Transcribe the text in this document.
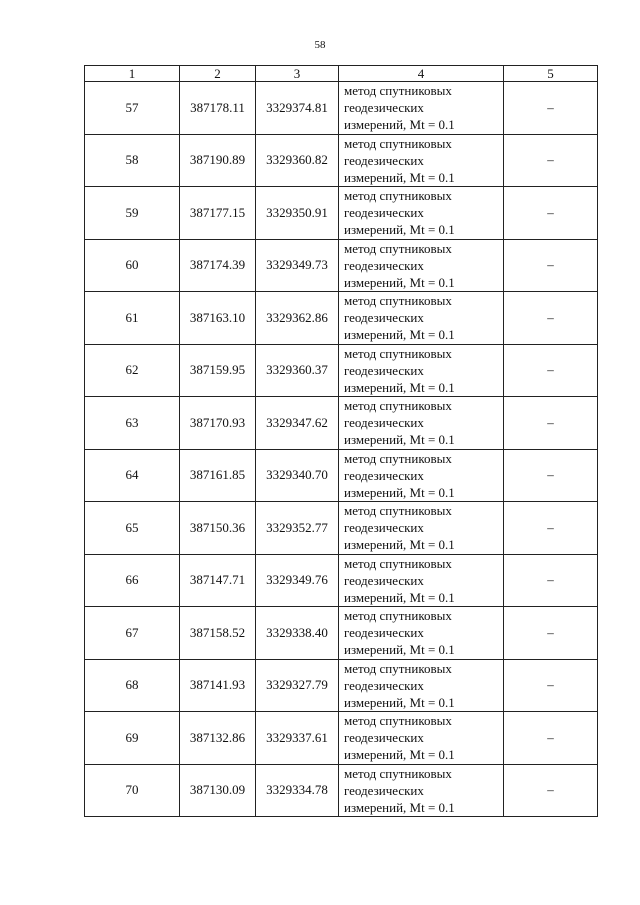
58
1	2	3	4	5
57	387178.11	3329374.81	метод спутниковых
геодезических
измерений, Mt = 0.1	–
58	387190.89	3329360.82	метод спутниковых
геодезических
измерений, Mt = 0.1	–
59	387177.15	3329350.91	метод спутниковых
геодезических
измерений, Mt = 0.1	–
60	387174.39	3329349.73	метод спутниковых
геодезических
измерений, Mt = 0.1	–
61	387163.10	3329362.86	метод спутниковых
геодезических
измерений, Mt = 0.1	–
62	387159.95	3329360.37	метод спутниковых
геодезических
измерений, Mt = 0.1	–
63	387170.93	3329347.62	метод спутниковых
геодезических
измерений, Mt = 0.1	–
64	387161.85	3329340.70	метод спутниковых
геодезических
измерений, Mt = 0.1	–
65	387150.36	3329352.77	метод спутниковых
геодезических
измерений, Mt = 0.1	–
66	387147.71	3329349.76	метод спутниковых
геодезических
измерений, Mt = 0.1	–
67	387158.52	3329338.40	метод спутниковых
геодезических
измерений, Mt = 0.1	–
68	387141.93	3329327.79	метод спутниковых
геодезических
измерений, Mt = 0.1	–
69	387132.86	3329337.61	метод спутниковых
геодезических
измерений, Mt = 0.1	–
70	387130.09	3329334.78	метод спутниковых
геодезических
измерений, Mt = 0.1	–
